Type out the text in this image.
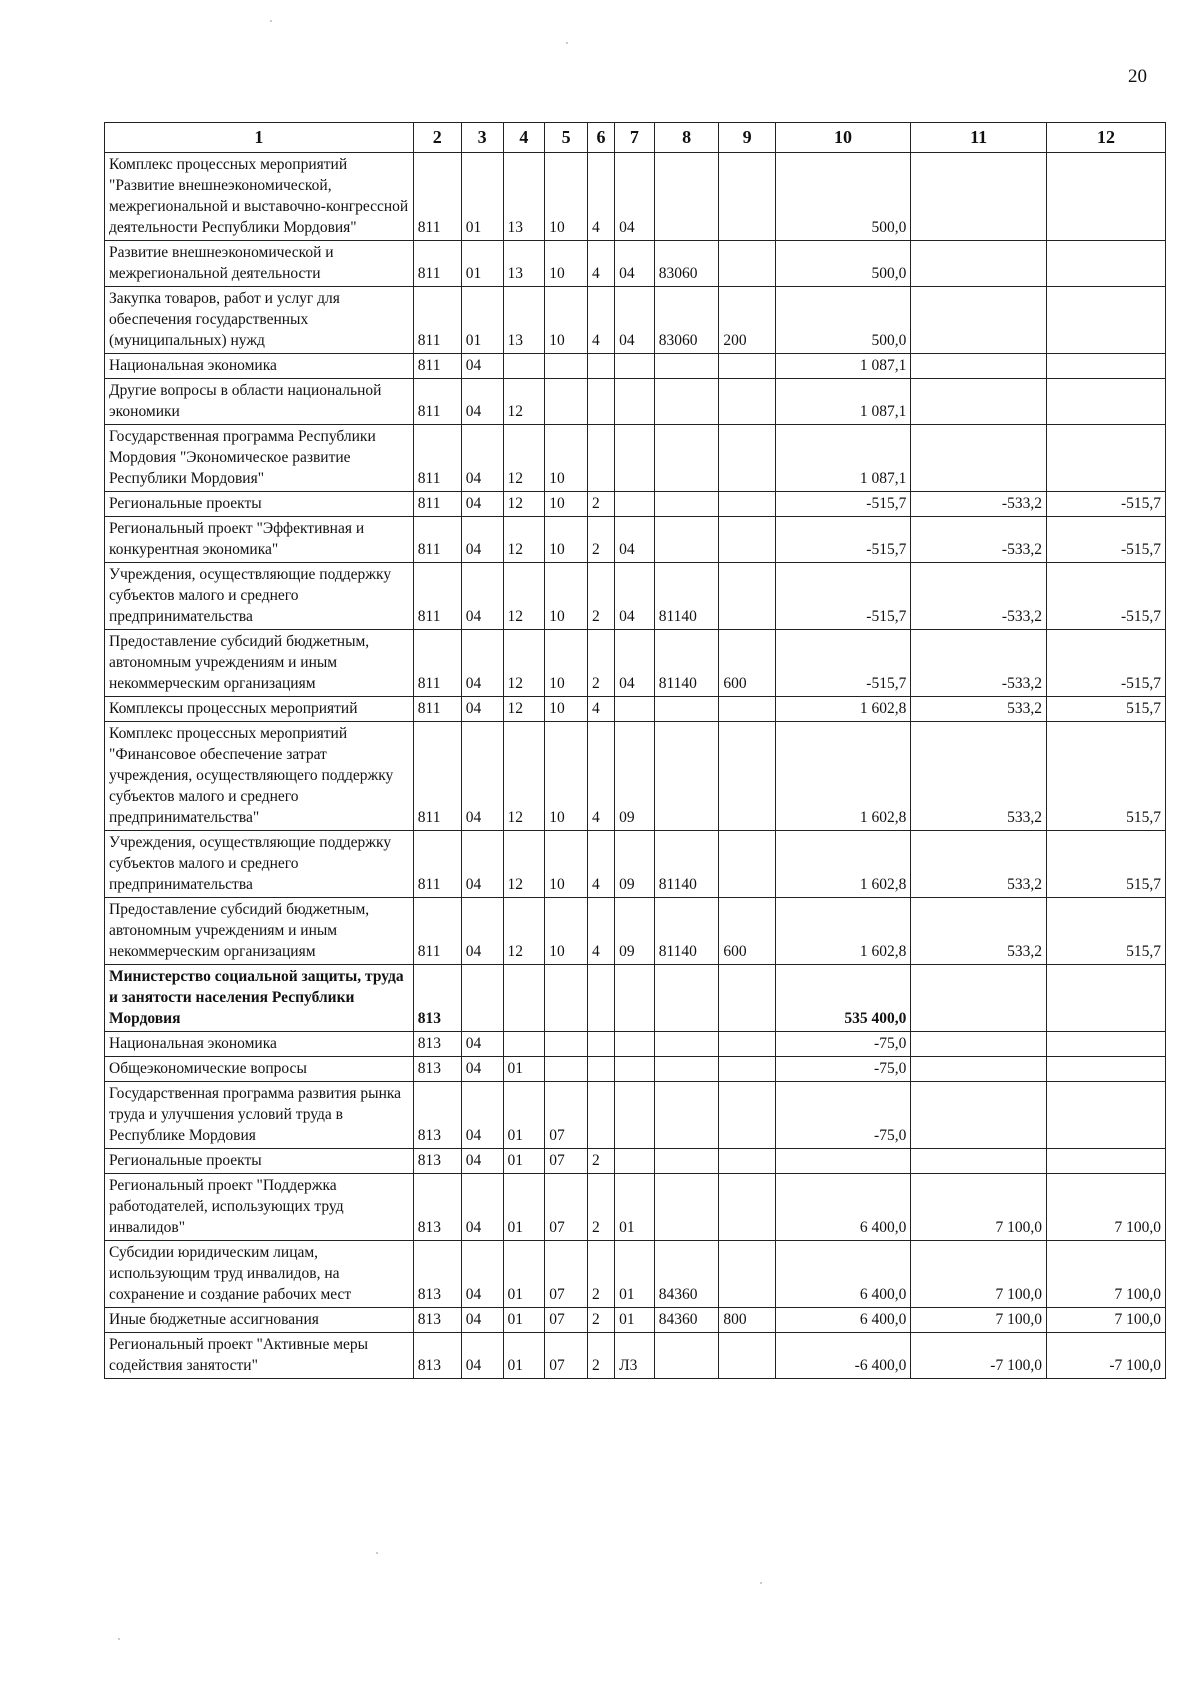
20
1	2	3	4	5	6	7	8	9	10	11	12
Комплекс процессных мероприятий "Развитие внешнеэкономической, межрегиональной и выставочно-конгрессной деятельности Республики Мордовия"	811	01	13	10	4	04			500,0		
Развитие внешнеэкономической и межрегиональной деятельности	811	01	13	10	4	04	83060		500,0		
Закупка товаров, работ и услуг для обеспечения государственных (муниципальных) нужд	811	01	13	10	4	04	83060	200	500,0		
Национальная экономика	811	04							1 087,1		
Другие вопросы в области национальной экономики	811	04	12						1 087,1		
Государственная программа Республики Мордовия "Экономическое развитие Республики Мордовия"	811	04	12	10					1 087,1		
Региональные проекты	811	04	12	10	2				-515,7	-533,2	-515,7
Региональный проект "Эффективная и конкурентная экономика"	811	04	12	10	2	04			-515,7	-533,2	-515,7
Учреждения, осуществляющие поддержку субъектов малого и среднего предпринимательства	811	04	12	10	2	04	81140		-515,7	-533,2	-515,7
Предоставление субсидий бюджетным, автономным учреждениям и иным некоммерческим организациям	811	04	12	10	2	04	81140	600	-515,7	-533,2	-515,7
Комплексы процессных мероприятий	811	04	12	10	4				1 602,8	533,2	515,7
Комплекс процессных мероприятий "Финансовое обеспечение затрат учреждения, осуществляющего поддержку субъектов малого и среднего предпринимательства"	811	04	12	10	4	09			1 602,8	533,2	515,7
Учреждения, осуществляющие поддержку субъектов малого и среднего предпринимательства	811	04	12	10	4	09	81140		1 602,8	533,2	515,7
Предоставление субсидий бюджетным, автономным учреждениям и иным некоммерческим организациям	811	04	12	10	4	09	81140	600	1 602,8	533,2	515,7
Министерство социальной защиты, труда и занятости населения Республики Мордовия	813								535 400,0		
Национальная экономика	813	04							-75,0		
Общеэкономические вопросы	813	04	01						-75,0		
Государственная программа развития рынка труда и улучшения условий труда в Республике Мордовия	813	04	01	07					-75,0		
Региональные проекты	813	04	01	07	2						
Региональный проект "Поддержка работодателей, использующих труд инвалидов"	813	04	01	07	2	01			6 400,0	7 100,0	7 100,0
Субсидии юридическим лицам, использующим труд инвалидов, на сохранение и создание рабочих мест	813	04	01	07	2	01	84360		6 400,0	7 100,0	7 100,0
Иные бюджетные ассигнования	813	04	01	07	2	01	84360	800	6 400,0	7 100,0	7 100,0
Региональный проект "Активные меры содействия занятости"	813	04	01	07	2	Л3			-6 400,0	-7 100,0	-7 100,0
